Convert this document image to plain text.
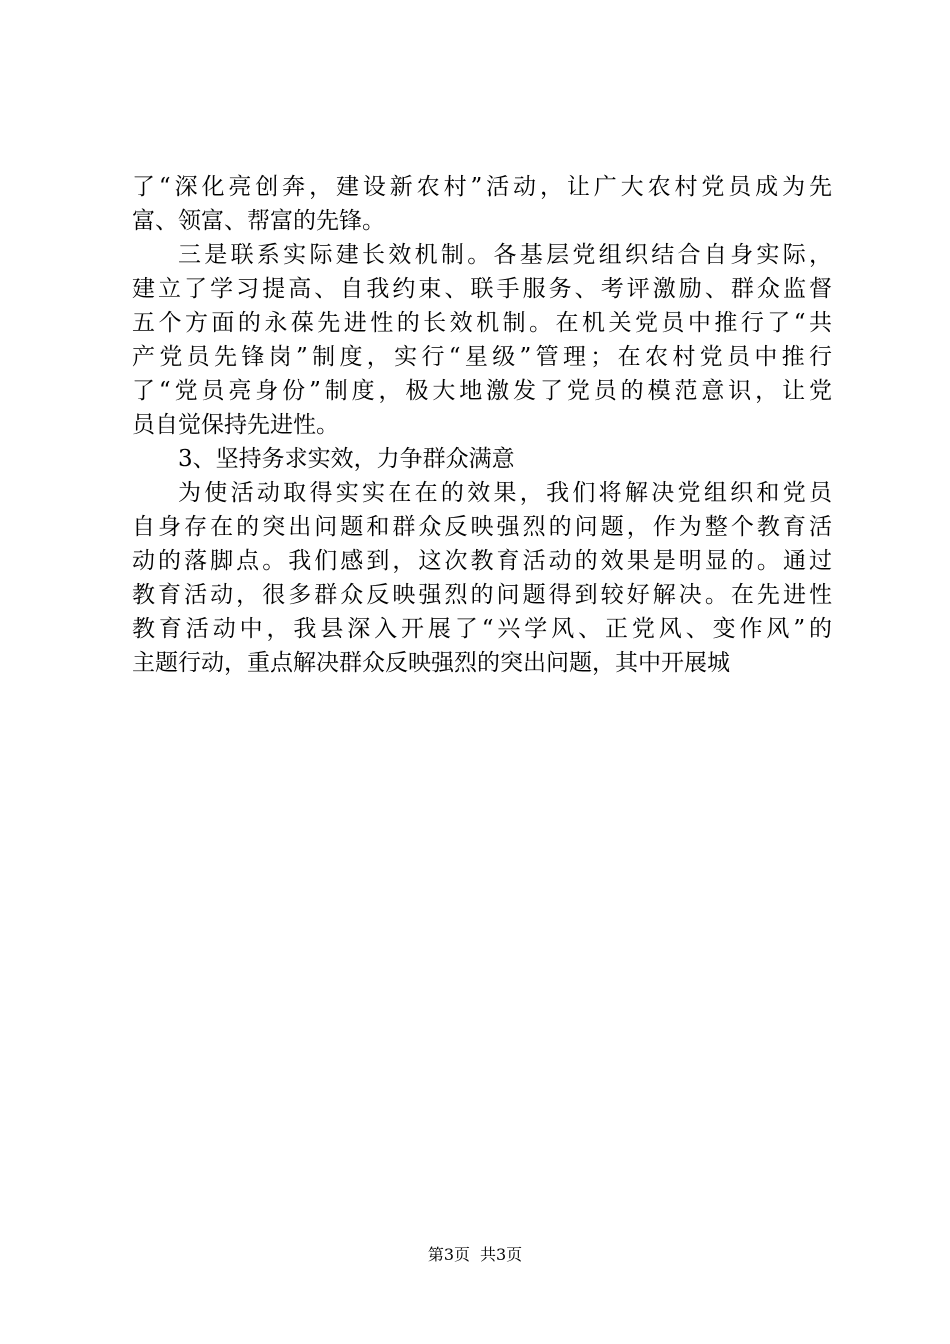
了“深化亮创奔，建设新农村”活动，让广大农村党员成为先
富、领富、帮富的先锋。
三是联系实际建长效机制。各基层党组织结合自身实际，
建立了学习提高、自我约束、联手服务、考评激励、群众监督
五个方面的永葆先进性的长效机制。在机关党员中推行了“共
产党员先锋岗”制度，实行“星级”管理；在农村党员中推行
了“党员亮身份”制度，极大地激发了党员的模范意识，让党
员自觉保持先进性。
3、坚持务求实效，力争群众满意
为使活动取得实实在在的效果，我们将解决党组织和党员
自身存在的突出问题和群众反映强烈的问题，作为整个教育活
动的落脚点。我们感到，这次教育活动的效果是明显的。通过
教育活动，很多群众反映强烈的问题得到较好解决。在先进性
教育活动中，我县深入开展了“兴学风、正党风、变作风”的
主题行动，重点解决群众反映强烈的突出问题，其中开展城
第3页 共3页
